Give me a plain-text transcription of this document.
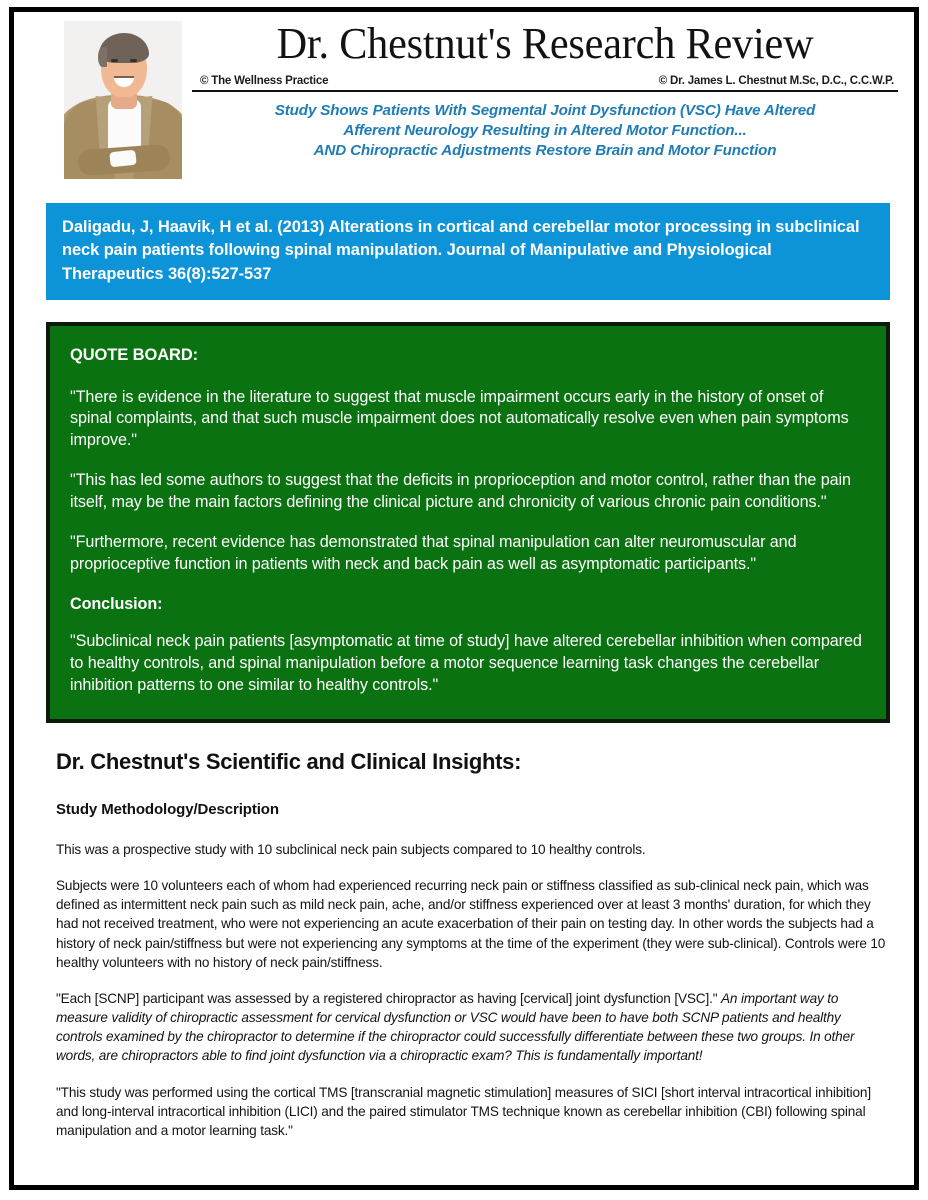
Dr. Chestnut's Research Review
© The Wellness Practice	© Dr. James L. Chestnut M.Sc, D.C., C.C.W.P.
Study Shows Patients With Segmental Joint Dysfunction (VSC) Have Altered
Afferent Neurology Resulting in Altered Motor Function...
AND Chiropractic Adjustments Restore Brain and Motor Function
Daligadu, J, Haavik, H et al. (2013) Alterations in cortical and cerebellar motor processing in subclinical neck pain patients following spinal manipulation. Journal of Manipulative and Physiological Therapeutics 36(8):527-537
QUOTE BOARD:

"There is evidence in the literature to suggest that muscle impairment occurs early in the history of onset of spinal complaints, and that such muscle impairment does not automatically resolve even when pain symptoms improve."

"This has led some authors to suggest that the deficits in proprioception and motor control, rather than the pain itself, may be the main factors defining the clinical picture and chronicity of various chronic pain conditions."

"Furthermore, recent evidence has demonstrated that spinal manipulation can alter neuromuscular and proprioceptive function in patients with neck and back pain as well as asymptomatic participants."

Conclusion:

"Subclinical neck pain patients [asymptomatic at time of study] have altered cerebellar inhibition when compared to healthy controls, and spinal manipulation before a motor sequence learning task changes the cerebellar inhibition patterns to one similar to healthy controls."

Dr. Chestnut's Scientific and Clinical Insights:
Study Methodology/Description

This was a prospective study with 10 subclinical neck pain subjects compared to 10 healthy controls.

Subjects were 10 volunteers each of whom had experienced recurring neck pain or stiffness classified as sub-clinical neck pain, which was defined as intermittent neck pain such as mild neck pain, ache, and/or stiffness experienced over at least 3 months' duration, for which they had not received treatment, who were not experiencing an acute exacerbation of their pain on testing day. In other words the subjects had a history of neck pain/stiffness but were not experiencing any symptoms at the time of the experiment (they were sub-clinical). Controls were 10 healthy volunteers with no history of neck pain/stiffness.

"Each [SCNP] participant was assessed by a registered chiropractor as having [cervical] joint dysfunction [VSC]." An important way to measure validity of chiropractic assessment for cervical dysfunction or VSC would have been to have both SCNP patients and healthy controls examined by the chiropractor to determine if the chiropractor could successfully differentiate between these two groups. In other words, are chiropractors able to find joint dysfunction via a chiropractic exam? This is fundamentally important!

"This study was performed using the cortical TMS [transcranial magnetic stimulation] measures of SICI [short interval intracortical inhibition] and long-interval intracortical inhibition (LICI) and the paired stimulator TMS technique known as cerebellar inhibition (CBI) following spinal manipulation and a motor learning task."
